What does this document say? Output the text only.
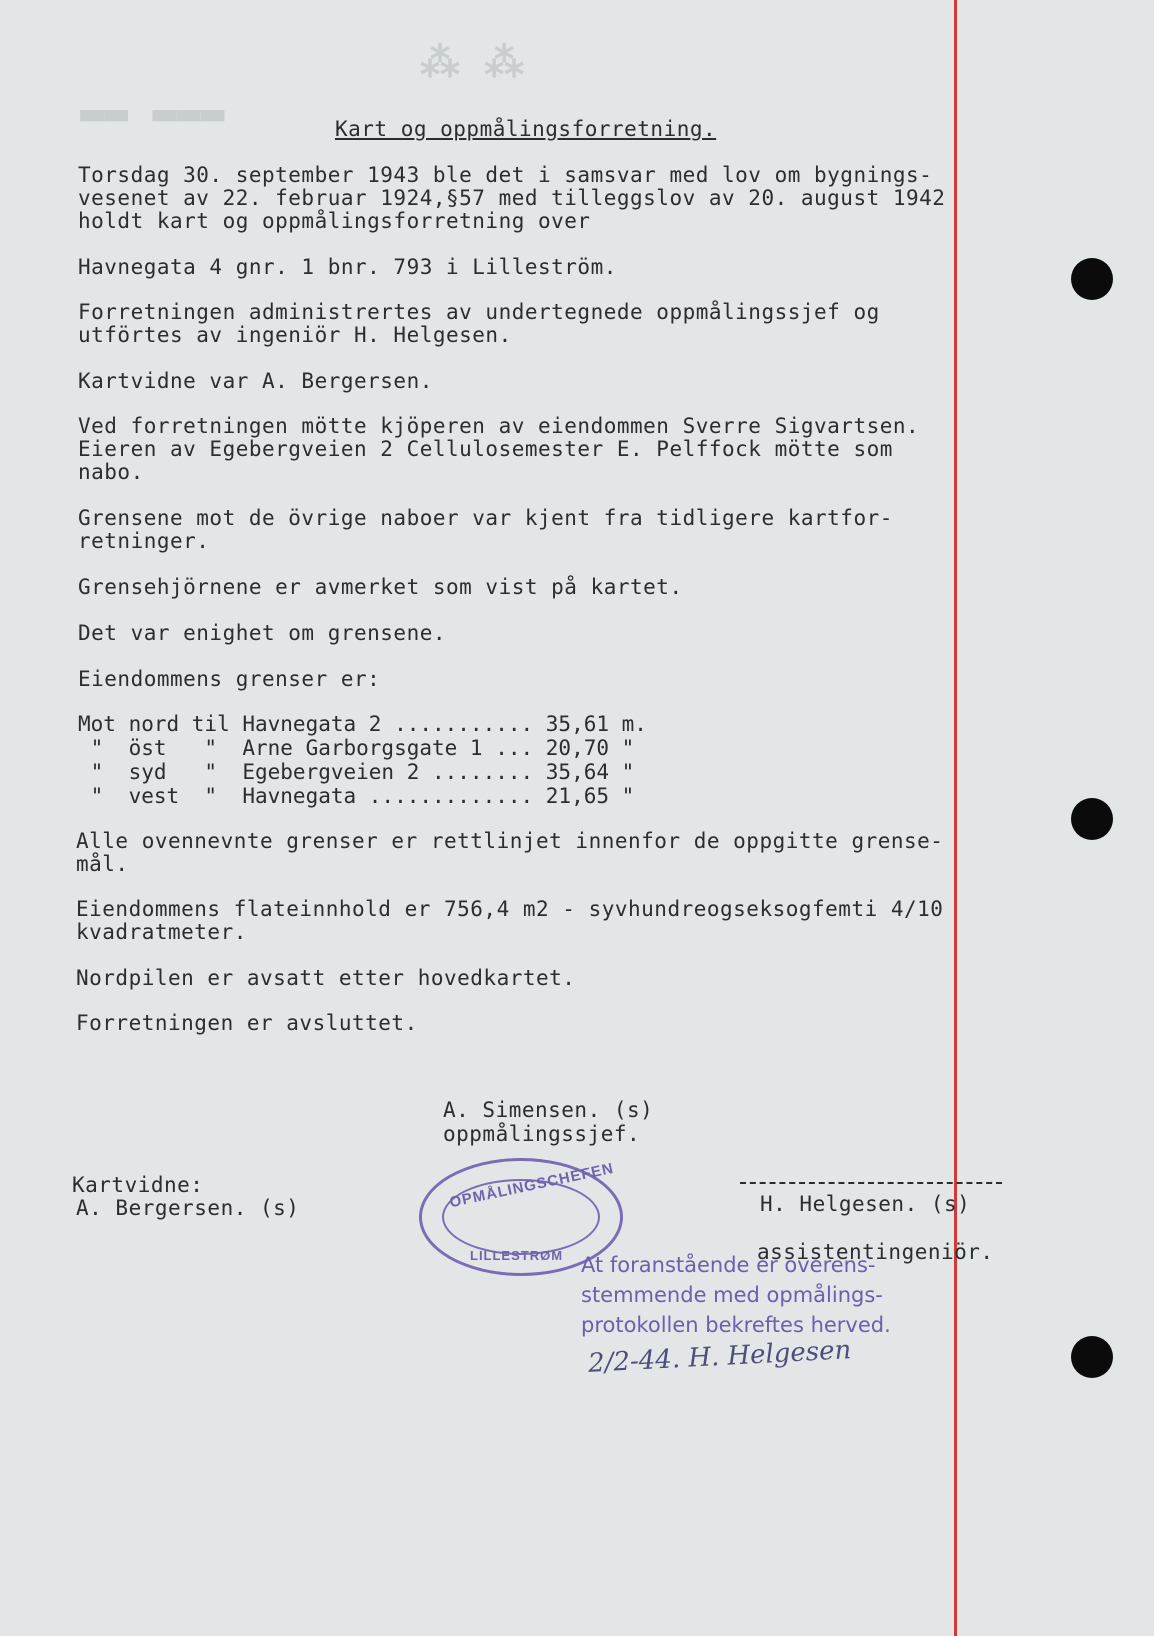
⁂ ⁂
▬▬▬ ▬▬	Kart og oppmålingsforretning.
Torsdag 30. september 1943 ble det i samsvar med lov om bygnings-
vesenet av 22. februar 1924,§57 med tilleggslov av 20. august 1942
holdt kart og oppmålingsforretning over
Havnegata 4 gnr. 1 bnr. 793 i Lilleström.
Forretningen administrertes av undertegnede oppmålingssjef og
utförtes av ingeniör H. Helgesen.
Kartvidne var A. Bergersen.
Ved forretningen mötte kjöperen av eiendommen Sverre Sigvartsen.
Eieren av Egebergveien 2 Cellulosemester E. Pelffock mötte som
nabo.
Grensene mot de övrige naboer var kjent fra tidligere kartfor-
retninger.
Grensehjörnene er avmerket som vist på kartet.
Det var enighet om grensene.
Eiendommens grenser er:
Mot nord til Havnegata 2 ........... 35,61 m.
"  öst   "  Arne Garborgsgate 1 ... 20,70 "
"  syd   "  Egebergveien 2 ........ 35,64 "
"  vest  "  Havnegata ............. 21,65 "
Alle ovennevnte grenser er rettlinjet innenfor de oppgitte grense-
mål.
Eiendommens flateinnhold er 756,4 m2 - syvhundreogseksogfemti 4/10
kvadratmeter.
Nordpilen er avsatt etter hovedkartet.
Forretningen er avsluttet.
A. Simensen. (s)
oppmålingssjef.
Kartvidne:
A. Bergersen. (s)	H. Helgesen. (s)
assistentingeniör.
OPMÅLINGSCHEFEN
LILLESTRØM At foranstående er overens-
stemmende med opmålings-
protokollen bekreftes herved.
2/2-44. H. Helgesen
